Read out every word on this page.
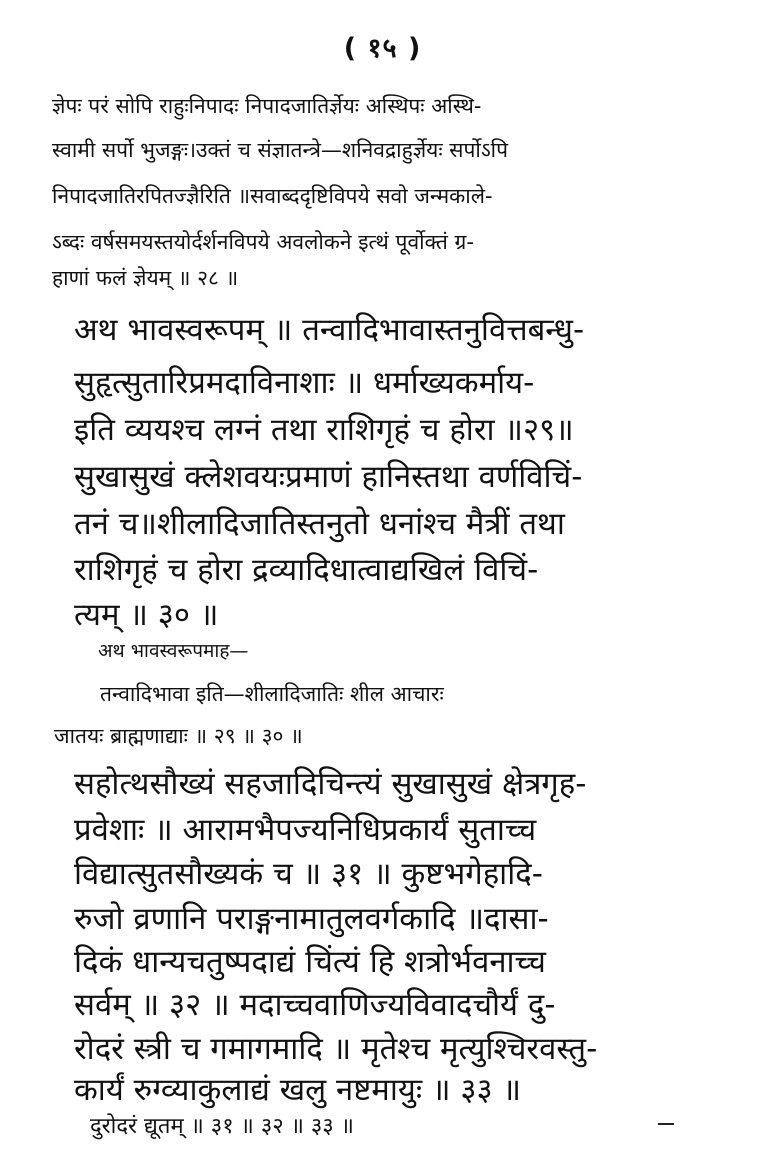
( १५ )
ज्ञेपः परं सोपि राहुःनिपादः निपादजातिर्ज्ञेयः अस्थिपः अस्थि-
स्वामी सर्पो भुजङ्गः।उक्तं च संज्ञातन्त्रे—शनिवद्राहुर्ज्ञेयः सर्पोऽपि
निपादजातिरपितज्ज्ञैरिति ॥सवाब्ददृष्टिविपये सवो जन्मकाले-
ऽब्दः वर्षसमयस्तयोर्दर्शनविपये अवलोकने इत्थं पूर्वोक्तं ग्र-
हाणां फलं ज्ञेयम् ॥ २८ ॥
अथ भावस्वरूपम् ॥ तन्वादिभावास्तनुवित्तबन्धु-
सुहृत्सुतारिप्रमदाविनाशाः ॥ धर्माख्यकर्माय-
इति व्ययश्च लग्नं तथा राशिगृहं च होरा ॥२९॥
सुखासुखं क्लेशवयःप्रमाणं हानिस्तथा वर्णविचिं-
तनं च॥शीलादिजातिस्तनुतो धनांश्च मैत्रीं तथा
राशिगृहं च होरा द्रव्यादिधात्वाद्यखिलं विचिं-
त्यम् ॥ ३० ॥
अथ भावस्वरूपमाह—
तन्वादिभावा इति—शीलादिजातिः शील आचारः
जातयः ब्राह्मणाद्याः ॥ २९ ॥ ३० ॥
सहोत्थसौख्यं सहजादिचिन्त्यं सुखासुखं क्षेत्रगृह-
प्रवेशाः ॥ आरामभैपज्यनिधिप्रकार्यं सुताच्च
विद्यात्सुतसौख्यकं च ॥ ३१ ॥ कुष्टभगेहादि-
रुजो व्रणानि पराङ्गनामातुलवर्गकादि ॥दासा-
दिकं धान्यचतुष्पदाद्यं चिंत्यं हि शत्रोर्भवनाच्च
सर्वम् ॥ ३२ ॥ मदाच्चवाणिज्यविवादचौर्यं दु-
रोदरं स्त्री च गमागमादि ॥ मृतेश्च मृत्युश्चिरवस्तु-
कार्यं रुग्व्याकुलाद्यं खलु नष्टमायुः ॥ ३३ ॥
दुरोदरं द्यूतम् ॥ ३१ ॥ ३२ ॥ ३३ ॥
